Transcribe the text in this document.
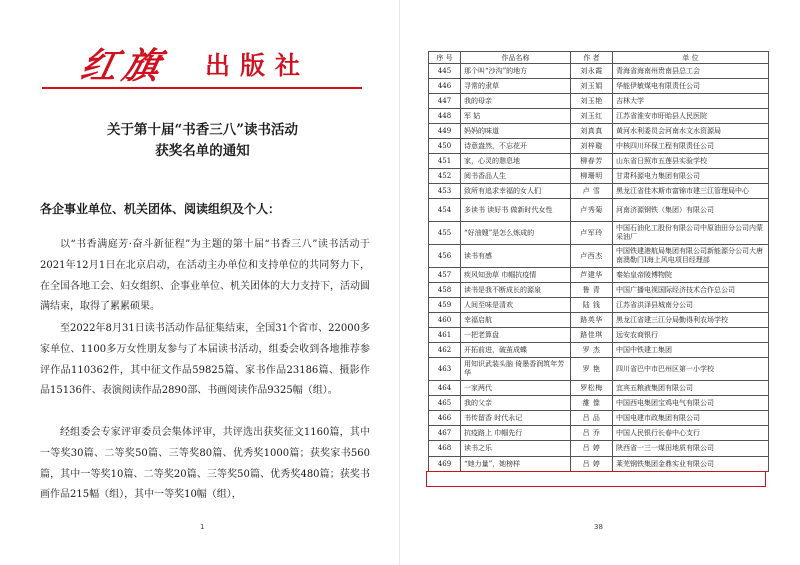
红旗 出版社
关于第十届“书香三八”读书活动
获奖名单的通知
各企事业单位、机关团体、阅读组织及个人：

以“书香满庭芳·奋斗新征程”为主题的第十届“书香三八”读书活动于2021年12月1日在北京启动，在活动主办单位和支持单位的共同努力下，在全国各地工会、妇女组织、企事业单位、机关团体的大力支持下，活动圆满结束，取得了累累硕果。

至2022年8月31日读书活动作品征集结束，全国31个省市、22000多家单位、1100多万女性朋友参与了本届读书活动，组委会收到各地推荐参评作品110362件，其中征文作品59825篇、家书作品23186篇、摄影作品15136件、表演阅读作品2890部、书画阅读作品9325幅（组）。

经组委会专家评审委员会集体评审，共评选出获奖征文1160篇，其中一等奖30篇、二等奖50篇、三等奖80篇、优秀奖1000篇；获奖家书560篇，其中一等奖10篇、二等奖20篇、三等奖50篇、优秀奖480篇；获奖书画作品215幅（组），其中一等奖10幅（组），

1
序 号	作品名称	作 者	单 位
445	那个叫“沙沟”的地方	刘永霞	青海省海南州贵南县总工会
446	寻常的隶草	刘玉娟	华能伊敏煤电有限责任公司
447	我的母亲	刘玉艳	吉林大学
448	军 姑	刘玉红	江苏省淮安市盱眙县人民医院
449	妈妈的味道	刘真真	黄河水利委员会河南水文水资源局
450	诗意盎然，不忘花开	刘梓璇	中核四川环保工程有限责任公司
451	家，心灵的憩息地	柳春芳	山东省日照市五莲县实验学校
452	阅书香品人生	柳珊明	甘肃科源电力集团有限公司
453	致所有追求幸福的女人们	卢 雪	黑龙江省佳木斯市富锦市建三江管理局中心
454	多读书 读好书 做新时代女性	卢秀菊	河南济源钢铁（集团）有限公司
455	“好油嫂”是怎么炼成的	卢军玲	中国石油化工股份有限公司中原油田分公司内蒙采油厂
456	读书有感	卢西杰	中国铁建港航局集团有限公司新能源分公司大唐南澳勒门I海上风电项目经理部
457	疾风知劲草 巾帼抗疫情	芦建华	秦始皇帝陵博物院
458	读书是我不断成长的源泉	鲁 青	中国广播电视国际经济技术合作总公司
459	人间至味是清欢	陆 钱	江苏省洪泽县城南分公司
460	幸福启航	路英华	黑龙江省建三江分局勤得利农场学校
461	一把老算盘	路佳琪	远安农商银行
462	开拓前进，破茧成蝶	罗 杰	中国中铁建工集团
463	用知识武装头脑 倚墨香润筑年芳华	罗 艳	四川省巴中市巴州区第一小学校
464	一家两代	罗松梅	宜宾五粮液集团有限公司
465	我的父亲	雒 像	中国西电集团宝鸡电气有限公司
466	书传留香 时代永记	吕 品	中国电建市政集团有限公司
467	抗疫路上 巾帼先行	吕 乔	中国人民银行长春中心支行
468	读书之乐	吕 婷	陕西省一三一煤田地质有限公司
469	“她力量”，她榜样	吕 婷	莱芜钢铁集团金鼎实业有限公司
38
